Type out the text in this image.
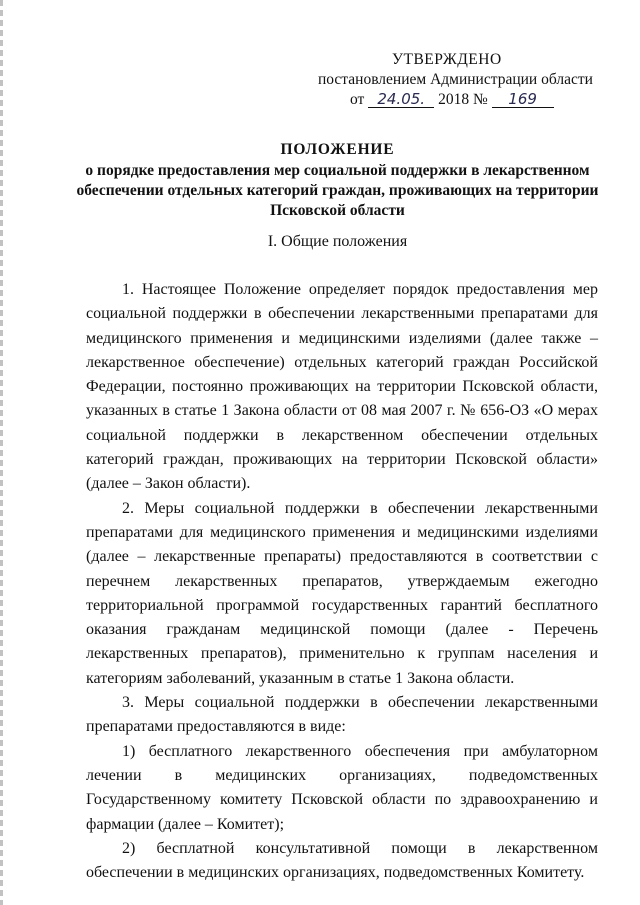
УТВЕРЖДЕНО
постановлением Администрации области
от 24.05. 2018 № 169
ПОЛОЖЕНИЕ
о порядке предоставления мер социальной поддержки в лекарственном обеспечении отдельных категорий граждан, проживающих на территории Псковской области
I. Общие положения

1. Настоящее Положение определяет порядок предоставления мер социальной поддержки в обеспечении лекарственными препаратами для медицинского применения и медицинскими изделиями (далее также – лекарственное обеспечение) отдельных категорий граждан Российской Федерации, постоянно проживающих на территории Псковской области, указанных в статье 1 Закона области от 08 мая 2007 г. № 656-ОЗ «О мерах социальной поддержки в лекарственном обеспечении отдельных категорий граждан, проживающих на территории Псковской области» (далее – Закон области).

2. Меры социальной поддержки в обеспечении лекарственными препаратами для медицинского применения и медицинскими изделиями (далее – лекарственные препараты) предоставляются в соответствии с перечнем лекарственных препаратов, утверждаемым ежегодно территориальной программой государственных гарантий бесплатного оказания гражданам медицинской помощи (далее - Перечень лекарственных препаратов), применительно к группам населения и категориям заболеваний, указанным в статье 1 Закона области.

3. Меры социальной поддержки в обеспечении лекарственными препаратами предоставляются в виде:

1) бесплатного лекарственного обеспечения при амбулаторном лечении в медицинских организациях, подведомственных Государственному комитету Псковской области по здравоохранению и фармации (далее – Комитет);

2) бесплатной консультативной помощи в лекарственном обеспечении в медицинских организациях, подведомственных Комитету.
